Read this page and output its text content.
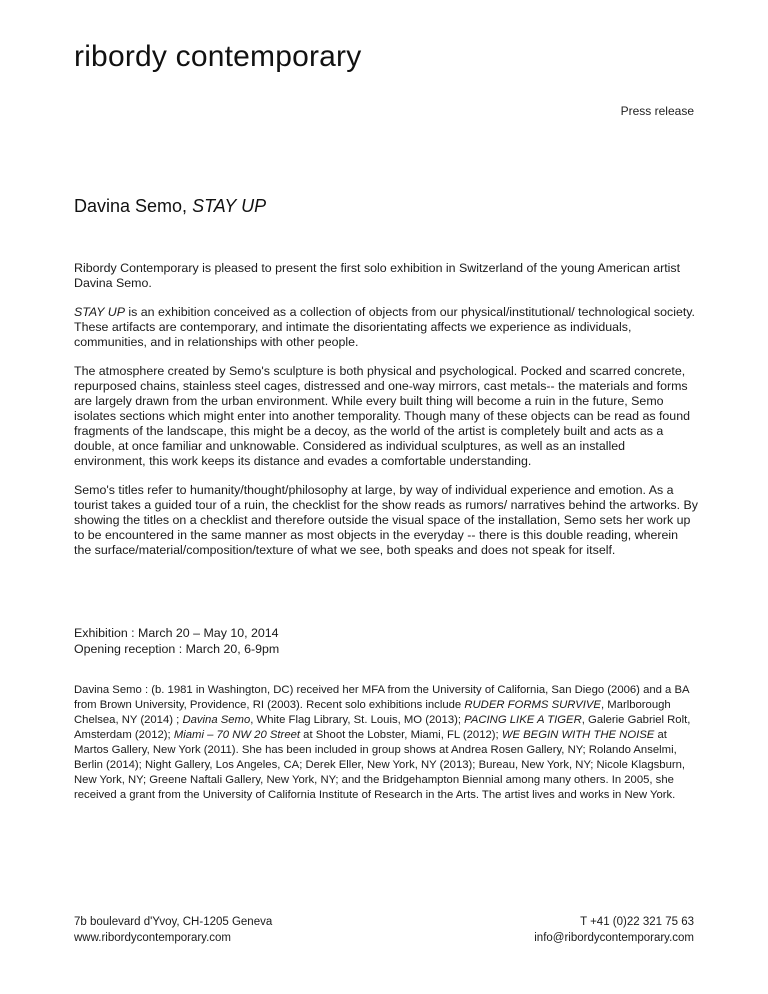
ribordy contemporary
Press release
Davina Semo, STAY UP

Ribordy Contemporary is pleased to present the first solo exhibition in Switzerland of the young American artist Davina Semo.

STAY UP is an exhibition conceived as a collection of objects from our physical/institutional/ technological society. These artifacts are contemporary, and intimate the disorientating affects we experience as individuals, communities, and in relationships with other people.

The atmosphere created by Semo's sculpture is both physical and psychological. Pocked and scarred concrete, repurposed chains, stainless steel cages, distressed and one-way mirrors, cast metals-- the materials and forms are largely drawn from the urban environment. While every built thing will become a ruin in the future, Semo isolates sections which might enter into another temporality. Though many of these objects can be read as found fragments of the landscape, this might be a decoy, as the world of the artist is completely built and acts as a double, at once familiar and unknowable. Considered as individual sculptures, as well as an installed environment, this work keeps its distance and evades a comfortable understanding.

Semo's titles refer to humanity/thought/philosophy at large, by way of individual experience and emotion. As a tourist takes a guided tour of a ruin, the checklist for the show reads as rumors/ narratives behind the artworks. By showing the titles on a checklist and therefore outside the visual space of the installation, Semo sets her work up to be encountered in the same manner as most objects in the everyday -- there is this double reading, wherein the surface/material/composition/texture of what we see, both speaks and does not speak for itself.

Exhibition : March 20 – May 10, 2014
Opening reception : March 20, 6-9pm
Davina Semo : (b. 1981 in Washington, DC) received her MFA from the University of California, San Diego (2006) and a BA from Brown University, Providence, RI (2003). Recent solo exhibitions include RUDER FORMS SURVIVE, Marlborough Chelsea, NY (2014) ; Davina Semo, White Flag Library, St. Louis, MO (2013); PACING LIKE A TIGER, Galerie Gabriel Rolt, Amsterdam (2012); Miami – 70 NW 20 Street at Shoot the Lobster, Miami, FL (2012); WE BEGIN WITH THE NOISE at Martos Gallery, New York (2011). She has been included in group shows at Andrea Rosen Gallery, NY; Rolando Anselmi, Berlin (2014); Night Gallery, Los Angeles, CA; Derek Eller, New York, NY (2013); Bureau, New York, NY; Nicole Klagsburn, New York, NY; Greene Naftali Gallery, New York, NY; and the Bridgehampton Biennial among many others. In 2005, she received a grant from the University of California Institute of Research in the Arts. The artist lives and works in New York.
7b boulevard d'Yvoy, CH-1205 Geneva
www.ribordycontemporary.com
T +41 (0)22 321 75 63
info@ribordycontemporary.com
